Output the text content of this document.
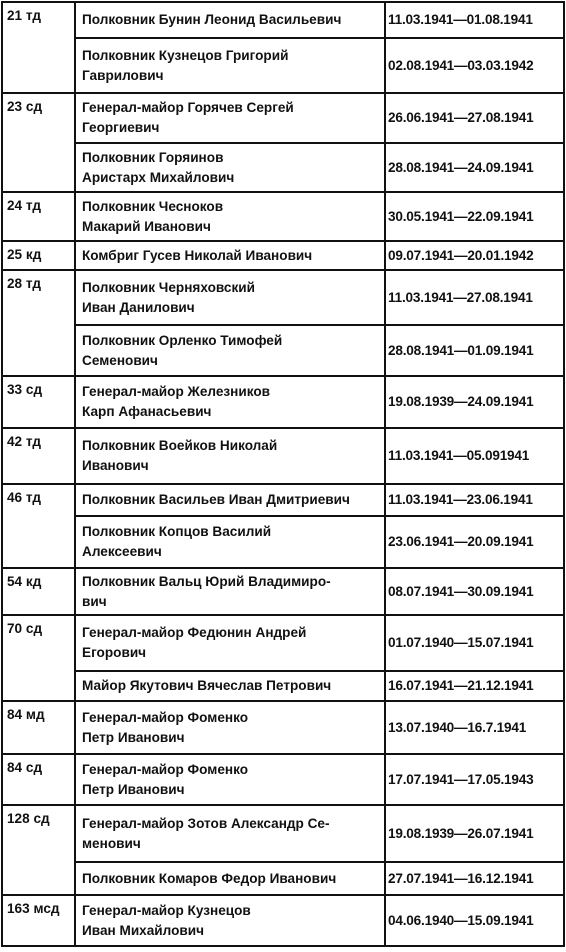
21 тд	Полковник Бунин Леонид Васильевич	11.03.1941—01.08.1941

	Полковник Кузнецов Григорий
Гаврилович	02.08.1941—03.03.1942
23 сд	Генерал-майор Горячев Сергей
Георгиевич	26.06.1941—27.08.1941

	Полковник Горяинов
Аристарх Михайлович	28.08.1941—24.09.1941
24 тд	Полковник Чесноков
Макарий Иванович	30.05.1941—22.09.1941
25 кд	Комбриг Гусев Николай Иванович	09.07.1941—20.01.1942
28 тд	Полковник Черняховский
Иван Данилович	11.03.1941—27.08.1941

	Полковник Орленко Тимофей
Семенович	28.08.1941—01.09.1941
33 сд	Генерал-майор Железников
Карп Афанасьевич	19.08.1939—24.09.1941
42 тд	Полковник Воейков Николай
Иванович	11.03.1941—05.091941
46 тд	Полковник Васильев Иван Дмитриевич	11.03.1941—23.06.1941

	Полковник Копцов Василий
Алексеевич	23.06.1941—20.09.1941
54 кд	Полковник Вальц Юрий Владимиро-
вич	08.07.1941—30.09.1941
70 сд	Генерал-майор Федюнин Андрей
Егорович	01.07.1940—15.07.1941

	Майор Якутович Вячеслав Петрович	16.07.1941—21.12.1941
84 мд	Генерал-майор Фоменко
Петр Иванович	13.07.1940—16.7.1941
84 сд	Генерал-майор Фоменко
Петр Иванович	17.07.1941—17.05.1943
128 сд	Генерал-майор Зотов Александр Се-
менович	19.08.1939—26.07.1941

	Полковник Комаров Федор Иванович	27.07.1941—16.12.1941
163 мсд	Генерал-майор Кузнецов
Иван Михайлович	04.06.1940—15.09.1941
